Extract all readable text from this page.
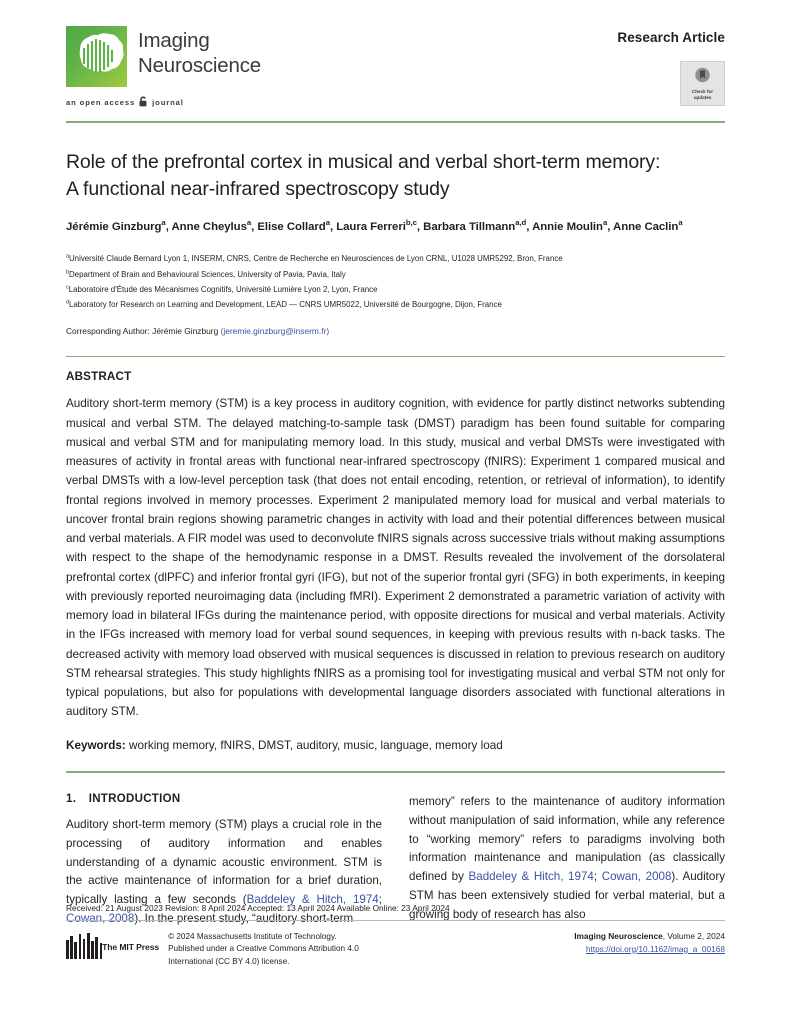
Imaging
Neuroscience
an open access journal
Research Article
Check for
updates
Role of the prefrontal cortex in musical and verbal short-term memory:
A functional near-infrared spectroscopy study
Jérémie Ginzburg$^a$, Anne Cheylus$^a$, Elise Collard$^a$, Laura Ferreri$^{b,c}$, Barbara Tillmann$^{a,d}$, Annie Moulin$^a$, Anne Caclin$^a$
$^a$Université Claude Bernard Lyon 1, INSERM, CNRS, Centre de Recherche en Neurosciences de Lyon CRNL, U1028 UMR5292, Bron, France
$^b$Department of Brain and Behavioural Sciences, University of Pavia, Pavia, Italy
$^c$Laboratoire d'Étude des Mécanismes Cognitifs, Université Lumière Lyon 2, Lyon, France
$^d$Laboratory for Research on Learning and Development, LEAD — CNRS UMR5022, Université de Bourgogne, Dijon, France
Corresponding Author: Jérémie Ginzburg (jeremie.ginzburg@inserm.fr)
ABSTRACT
Auditory short-term memory (STM) is a key process in auditory cognition, with evidence for partly distinct networks subtending musical and verbal STM. The delayed matching-to-sample task (DMST) paradigm has been found suitable for comparing musical and verbal STM and for manipulating memory load. In this study, musical and verbal DMSTs were investigated with measures of activity in frontal areas with functional near-infrared spectroscopy (fNIRS): Experiment 1 compared musical and verbal DMSTs with a low-level perception task (that does not entail encoding, retention, or retrieval of information), to identify frontal regions involved in memory processes. Experiment 2 manipulated memory load for musical and verbal materials to uncover frontal brain regions showing parametric changes in activity with load and their potential differences between musical and verbal materials. A FIR model was used to deconvolute fNIRS signals across successive trials without making assumptions with respect to the shape of the hemodynamic response in a DMST. Results revealed the involvement of the dorsolateral prefrontal cortex (dlPFC) and inferior frontal gyri (IFG), but not of the superior frontal gyri (SFG) in both experiments, in keeping with previously reported neuroimaging data (including fMRI). Experiment 2 demonstrated a parametric variation of activity with memory load in bilateral IFGs during the maintenance period, with opposite directions for musical and verbal materials. Activity in the IFGs increased with memory load for verbal sound sequences, in keeping with previous results with n-back tasks. The decreased activity with memory load observed with musical sequences is discussed in relation to previous research on auditory STM rehearsal strategies. This study highlights fNIRS as a promising tool for investigating musical and verbal STM not only for typical populations, but also for populations with developmental language disorders associated with functional alterations in auditory STM.
Keywords: working memory, fNIRS, DMST, auditory, music, language, memory load
1. INTRODUCTION

Auditory short-term memory (STM) plays a crucial role in the processing of auditory information and enables understanding of a dynamic acoustic environment. STM is the active maintenance of information for a brief duration, typically lasting a few seconds (Baddeley & Hitch, 1974; Cowan, 2008). In the present study, “auditory short-term

memory” refers to the maintenance of auditory information without manipulation of said information, while any reference to “working memory” refers to paradigms involving both information maintenance and manipulation (as classically defined by Baddeley & Hitch, 1974; Cowan, 2008). Auditory STM has been extensively studied for verbal material, but a growing body of research has also

Received: 21 August 2023 Revision: 8 April 2024 Accepted: 13 April 2024 Available Online: 23 April 2024
The MIT Press
© 2024 Massachusetts Institute of Technology.
Published under a Creative Commons Attribution 4.0
International (CC BY 4.0) license.
Imaging Neuroscience, Volume 2, 2024
https://doi.org/10.1162/imag_a_00168
